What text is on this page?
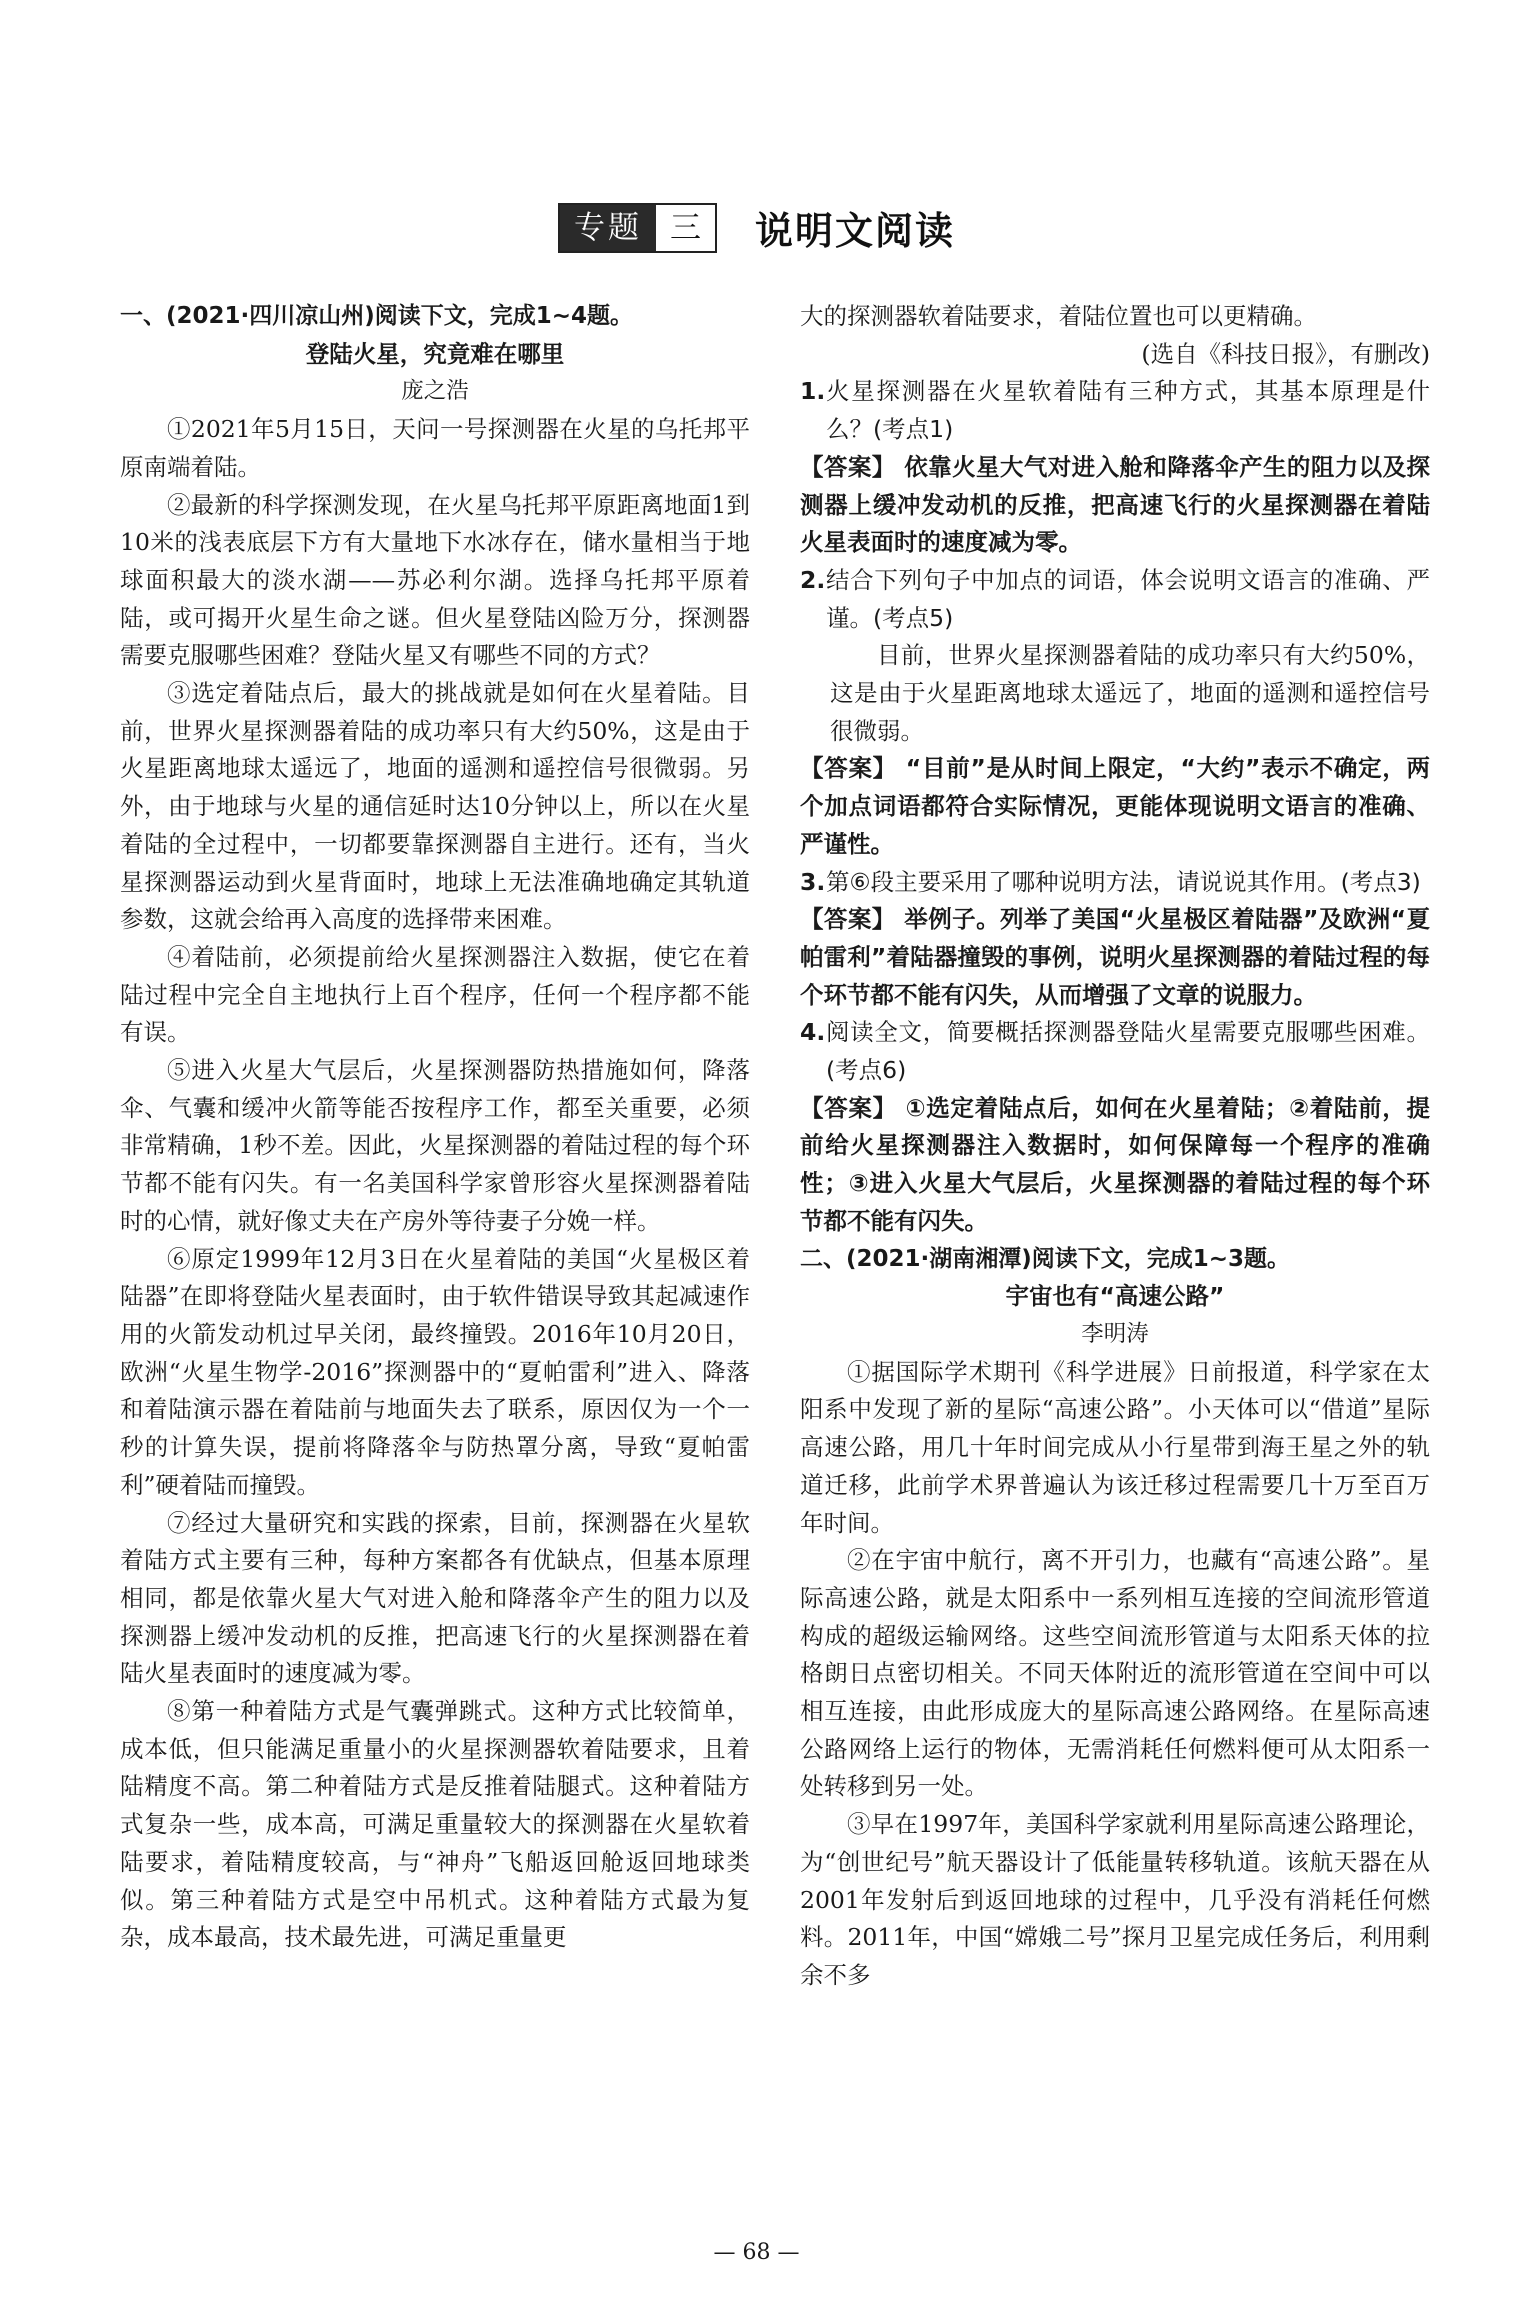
专题 三	说明文阅读

一、(2021·四川凉山州)阅读下文，完成1~4题。

登陆火星，究竟难在哪里

庞之浩

①2021年5月15日，天问一号探测器在火星的乌托邦平原南端着陆。

②最新的科学探测发现，在火星乌托邦平原距离地面1到10米的浅表底层下方有大量地下水冰存在，储水量相当于地球面积最大的淡水湖——苏必利尔湖。选择乌托邦平原着陆，或可揭开火星生命之谜。但火星登陆凶险万分，探测器需要克服哪些困难？登陆火星又有哪些不同的方式？

③选定着陆点后，最大的挑战就是如何在火星着陆。目前，世界火星探测器着陆的成功率只有大约50%，这是由于火星距离地球太遥远了，地面的遥测和遥控信号很微弱。另外，由于地球与火星的通信延时达10分钟以上，所以在火星着陆的全过程中，一切都要靠探测器自主进行。还有，当火星探测器运动到火星背面时，地球上无法准确地确定其轨道参数，这就会给再入高度的选择带来困难。

④着陆前，必须提前给火星探测器注入数据，使它在着陆过程中完全自主地执行上百个程序，任何一个程序都不能有误。

⑤进入火星大气层后，火星探测器防热措施如何，降落伞、气囊和缓冲火箭等能否按程序工作，都至关重要，必须非常精确，1秒不差。因此，火星探测器的着陆过程的每个环节都不能有闪失。有一名美国科学家曾形容火星探测器着陆时的心情，就好像丈夫在产房外等待妻子分娩一样。

⑥原定1999年12月3日在火星着陆的美国“火星极区着陆器”在即将登陆火星表面时，由于软件错误导致其起减速作用的火箭发动机过早关闭，最终撞毁。2016年10月20日，欧洲“火星生物学-2016”探测器中的“夏帕雷利”进入、降落和着陆演示器在着陆前与地面失去了联系，原因仅为一个一秒的计算失误，提前将降落伞与防热罩分离，导致“夏帕雷利”硬着陆而撞毁。

⑦经过大量研究和实践的探索，目前，探测器在火星软着陆方式主要有三种，每种方案都各有优缺点，但基本原理相同，都是依靠火星大气对进入舱和降落伞产生的阻力以及探测器上缓冲发动机的反推，把高速飞行的火星探测器在着陆火星表面时的速度减为零。

⑧第一种着陆方式是气囊弹跳式。这种方式比较简单，成本低，但只能满足重量小的火星探测器软着陆要求，且着陆精度不高。第二种着陆方式是反推着陆腿式。这种着陆方式复杂一些，成本高，可满足重量较大的探测器在火星软着陆要求，着陆精度较高，与“神舟”飞船返回舱返回地球类似。第三种着陆方式是空中吊机式。这种着陆方式最为复杂，成本最高，技术最先进，可满足重量更

大的探测器软着陆要求，着陆位置也可以更精确。

(选自《科技日报》，有删改)

1. 火星探测器在火星软着陆有三种方式，其基本原理是什么？(考点1)

【答案】 依靠火星大气对进入舱和降落伞产生的阻力以及探测器上缓冲发动机的反推，把高速飞行的火星探测器在着陆火星表面时的速度减为零。

2. 结合下列句子中加点的词语，体会说明文语言的准确、严谨。(考点5)

目前，世界火星探测器着陆的成功率只有大约50%，这是由于火星距离地球太遥远了，地面的遥测和遥控信号很微弱。

【答案】 “目前”是从时间上限定，“大约”表示不确定，两个加点词语都符合实际情况，更能体现说明文语言的准确、严谨性。

3. 第⑥段主要采用了哪种说明方法，请说说其作用。(考点3)

【答案】 举例子。列举了美国“火星极区着陆器”及欧洲“夏帕雷利”着陆器撞毁的事例，说明火星探测器的着陆过程的每个环节都不能有闪失，从而增强了文章的说服力。

4. 阅读全文，简要概括探测器登陆火星需要克服哪些困难。(考点6)

【答案】 ①选定着陆点后，如何在火星着陆；②着陆前，提前给火星探测器注入数据时，如何保障每一个程序的准确性；③进入火星大气层后，火星探测器的着陆过程的每个环节都不能有闪失。

二、(2021·湖南湘潭)阅读下文，完成1~3题。

宇宙也有“高速公路”

李明涛

①据国际学术期刊《科学进展》日前报道，科学家在太阳系中发现了新的星际“高速公路”。小天体可以“借道”星际高速公路，用几十年时间完成从小行星带到海王星之外的轨道迁移，此前学术界普遍认为该迁移过程需要几十万至百万年时间。

②在宇宙中航行，离不开引力，也藏有“高速公路”。星际高速公路，就是太阳系中一系列相互连接的空间流形管道构成的超级运输网络。这些空间流形管道与太阳系天体的拉格朗日点密切相关。不同天体附近的流形管道在空间中可以相互连接，由此形成庞大的星际高速公路网络。在星际高速公路网络上运行的物体，无需消耗任何燃料便可从太阳系一处转移到另一处。

③早在1997年，美国科学家就利用星际高速公路理论，为“创世纪号”航天器设计了低能量转移轨道。该航天器在从2001年发射后到返回地球的过程中，几乎没有消耗任何燃料。2011年，中国“嫦娥二号”探月卫星完成任务后，利用剩余不多

— 68 —
